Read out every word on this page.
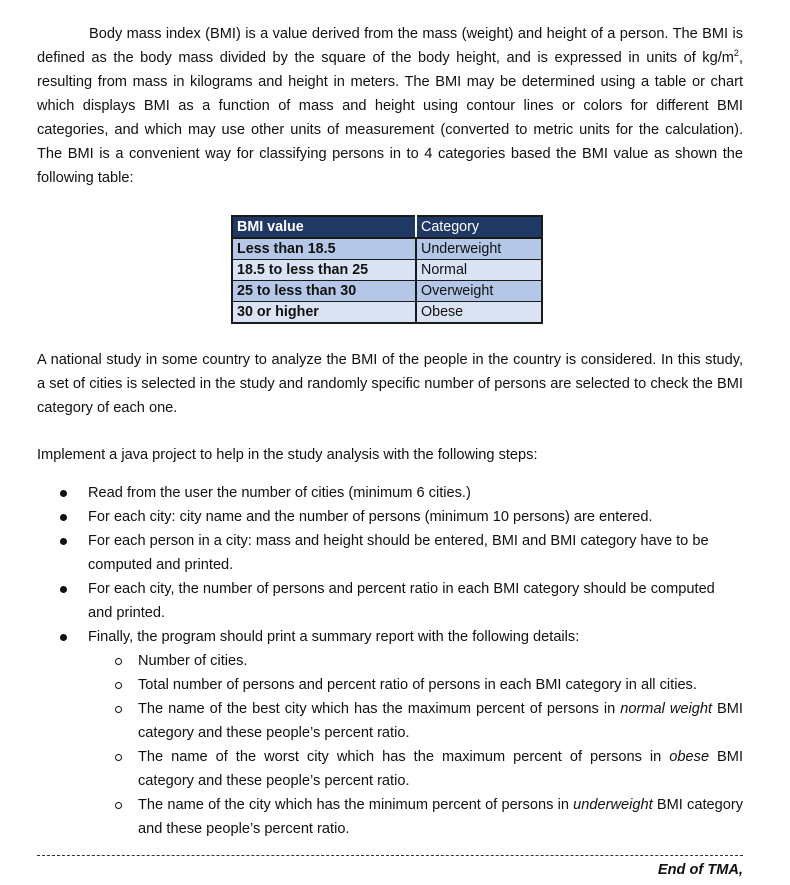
Body mass index (BMI) is a value derived from the mass (weight) and height of a person. The BMI is defined as the body mass divided by the square of the body height, and is expressed in units of $kg/m^2$, resulting from mass in kilograms and height in meters. The BMI may be determined using a table or chart which displays BMI as a function of mass and height using contour lines or colors for different BMI categories, and which may use other units of measurement (converted to metric units for the calculation). The BMI is a convenient way for classifying persons in to 4 categories based the BMI value as shown the following table:

BMI value	Category
Less than 18.5	Underweight
18.5 to less than 25	Normal
25 to less than 30	Overweight
30 or higher	Obese

A national study in some country to analyze the BMI of the people in the country is considered. In this study, a set of cities is selected in the study and randomly specific number of persons are selected to check the BMI category of each one.

Implement a java project to help in the study analysis with the following steps:

Read from the user the number of cities (minimum 6 cities.)
For each city: city name and the number of persons (minimum 10 persons) are entered.
For each person in a city: mass and height should be entered, BMI and BMI category have to be computed and printed.
For each city, the number of persons and percent ratio in each BMI category should be computed and printed.
Finally, the program should print a summary report with the following details:
Number of cities.
Total number of persons and percent ratio of persons in each BMI category in all cities.
The name of the best city which has the maximum percent of persons in normal weight BMI category and these people’s percent ratio.
The name of the worst city which has the maximum percent of persons in obese BMI category and these people’s percent ratio.
The name of the city which has the minimum percent of persons in underweight BMI category and these people’s percent ratio.
End of TMA,
